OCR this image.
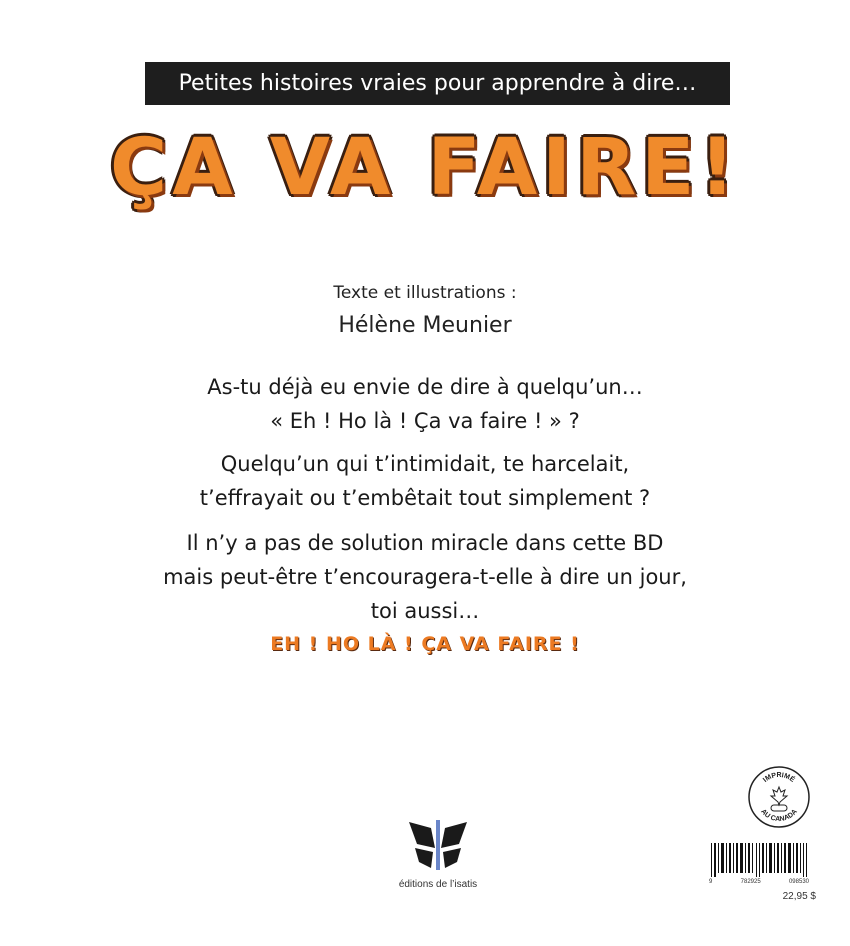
Petites histoires vraies pour apprendre à dire…
ÇA VA FAIRE!
Texte et illustrations :
Hélène Meunier
As-tu déjà eu envie de dire à quelqu’un…
« Eh ! Ho là ! Ça va faire ! » ?
Quelqu’un qui t’intimidait, te harcelait,
t’effrayait ou t’embêtait tout simplement ?
Il n’y a pas de solution miracle dans cette BD
mais peut-être t’encouragera-t-elle à dire un jour,
toi aussi…
EH ! HO LÀ ! ÇA VA FAIRE !
éditions de l’isatis
IMPRIMÉ
AU CANADA
9	782925	098530
22,95 $
